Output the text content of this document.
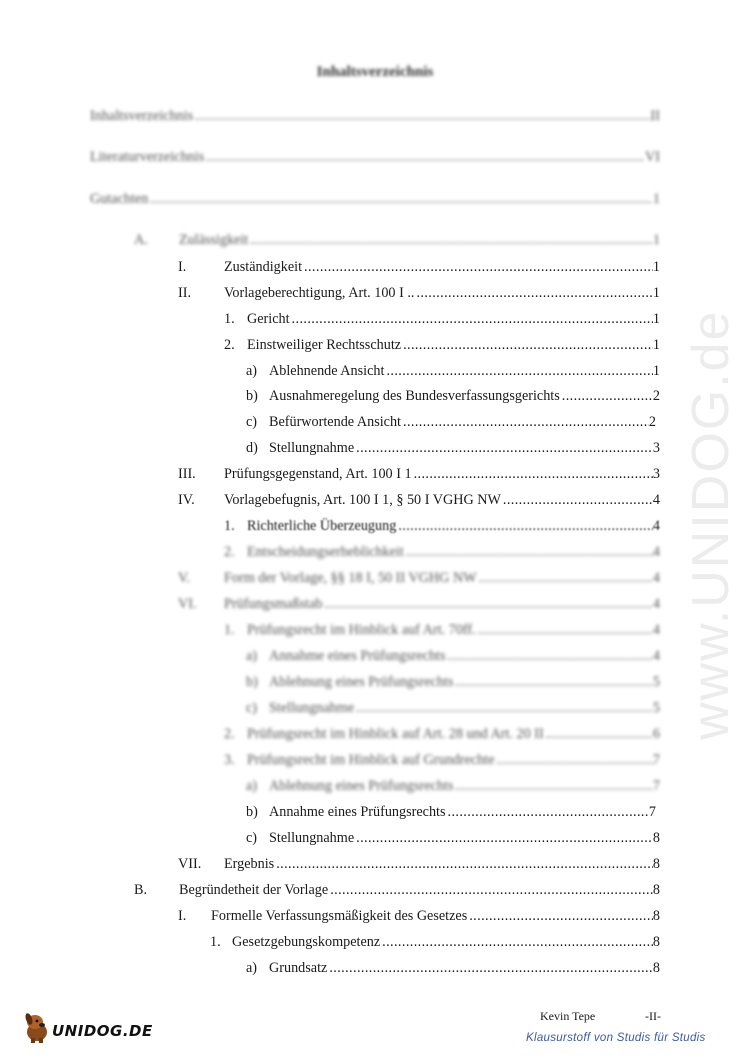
www.UNIDOG.de
Inhaltsverzeichnis
Inhaltsverzeichnis .....	II
Literaturverzeichnis .....	VI
Gutachten .....	1
A. Zulässigkeit .....	1
I.	Zuständigkeit .....	1
II. Vorlageberechtigung, Art. 100 I .. .....	1
1. Gericht .....	1
2. Einstweiliger Rechtsschutz .....	1
a) Ablehnende Ansicht .....	1
b) Ausnahmeregelung des Bundesverfassungsgerichts .....	2
c) Befürwortende Ansicht .....	2
d) Stellungnahme .....	3
III. Prüfungsgegenstand, Art. 100 I 1 .....	3
IV. Vorlagebefugnis, Art. 100 I 1, § 50 I VGHG NW .....	4
1. Richterliche Überzeugung .....	4
2. Entscheidungserheblichkeit .....	4
V. Form der Vorlage, §§ 18 I, 50 II VGHG NW .....	4
VI. Prüfungsmaßstab .....	4
1. Prüfungsrecht im Hinblick auf Art. 70ff. .....	4
a) Annahme eines Prüfungsrechts .....	4
b) Ablehnung eines Prüfungsrechts .....	5
c) Stellungnahme .....	5
2. Prüfungsrecht im Hinblick auf Art. 28 und Art. 20 II .....	6
3. Prüfungsrecht im Hinblick auf Grundrechte .....	7
a) Ablehnung eines Prüfungsrechts .....	7
b) Annahme eines Prüfungsrechts .....	7
c) Stellungnahme .....	8
VII. Ergebnis .....	8
B. Begründetheit der Vorlage .....	8
I. Formelle Verfassungsmäßigkeit des Gesetzes .....	8
1. Gesetzgebungskompetenz .....	8
a) Grundsatz .....	8
Kevin Tepe	-II-
UNIDOG.DE	Klausurstoff von Studis für Studis
